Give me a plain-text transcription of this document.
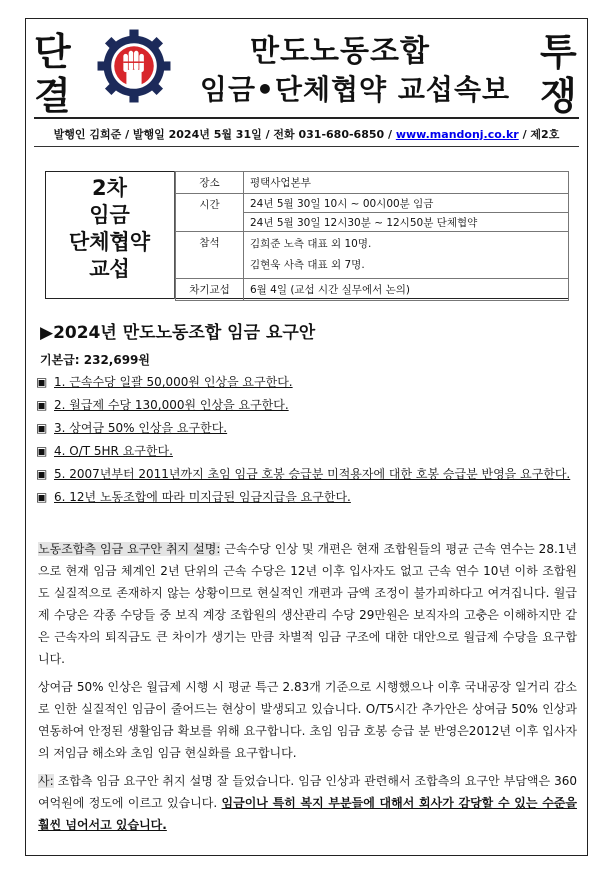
단
결
투
쟁
만도노동조합
임금•단체협약 교섭속보
발행인 김희준 / 발행일 2024년 5월 31일 / 전화 031-680-6850 / www.mandonj.co.kr / 제2호
2차
임금
단체협약
교섭
장소	평택사업본부
시간	24년 5월 30일 10시 ~ 00시00분 임금
	24년 5월 30일 12시30분 ~ 12시50분 단체협약
참석	김희준 노측 대표 외 10명.
김현욱 사측 대표 외 7명.

차기교섭	6월 4일 (교섭 시간 실무에서 논의)
▶2024년 만도노동조합 임금 요구안
기본급: 232,699원
▣ 1. 근속수당 일괄 50,000원 인상을 요구한다.
▣ 2. 월급제 수당 130,000원 인상을 요구한다.
▣ 3. 상여금 50% 인상을 요구한다.
▣ 4. O/T 5HR 요구한다.
▣ 5. 2007년부터 2011년까지 초임 임금 호봉 승급분 미적용자에 대한 호봉 승급분 반영을 요구한다.
▣ 6. 12년 노동조합에 따라 미지급된 임금지급을 요구한다.
노동조합측 임금 요구안 취지 설명: 근속수당 인상 및 개편은 현재 조합원들의 평균 근속 연수는 28.1년으로 현재 임금 체계인 2년 단위의 근속 수당은 12년 이후 입사자도 없고 근속 연수 10년 이하 조합원도 실질적으로 존재하지 않는 상황이므로 현실적인 개편과 금액 조정이 불가피하다고 여겨집니다. 월급제 수당은 각종 수당들 중 보직 계장 조합원의 생산관리 수당 29만원은 보직자의 고충은 이해하지만 같은 근속자의 퇴직금도 큰 차이가 생기는 만큼 차별적 임금 구조에 대한 대안으로 월급제 수당을 요구합니다.
상여금 50% 인상은 월급제 시행 시 평균 특근 2.83개 기준으로 시행했으나 이후 국내공장 일거리 감소로 인한 실질적인 임금이 줄어드는 현상이 발생되고 있습니다. O/T5시간 추가안은 상여금 50% 인상과 연동하여 안정된 생활임금 확보를 위해 요구합니다. 초임 임금 호봉 승급 분 반영은2012년 이후 입사자의 저임금 해소와 초임 임금 현실화를 요구합니다.
사: 조합측 임금 요구안 취지 설명 잘 들었습니다. 임금 인상과 관련해서 조합측의 요구안 부담액은 360여억원에 정도에 이르고 있습니다. 임금이나 특히 복지 부분들에 대해서 회사가 감당할 수 있는 수준을 훨씬 넘어서고 있습니다.
